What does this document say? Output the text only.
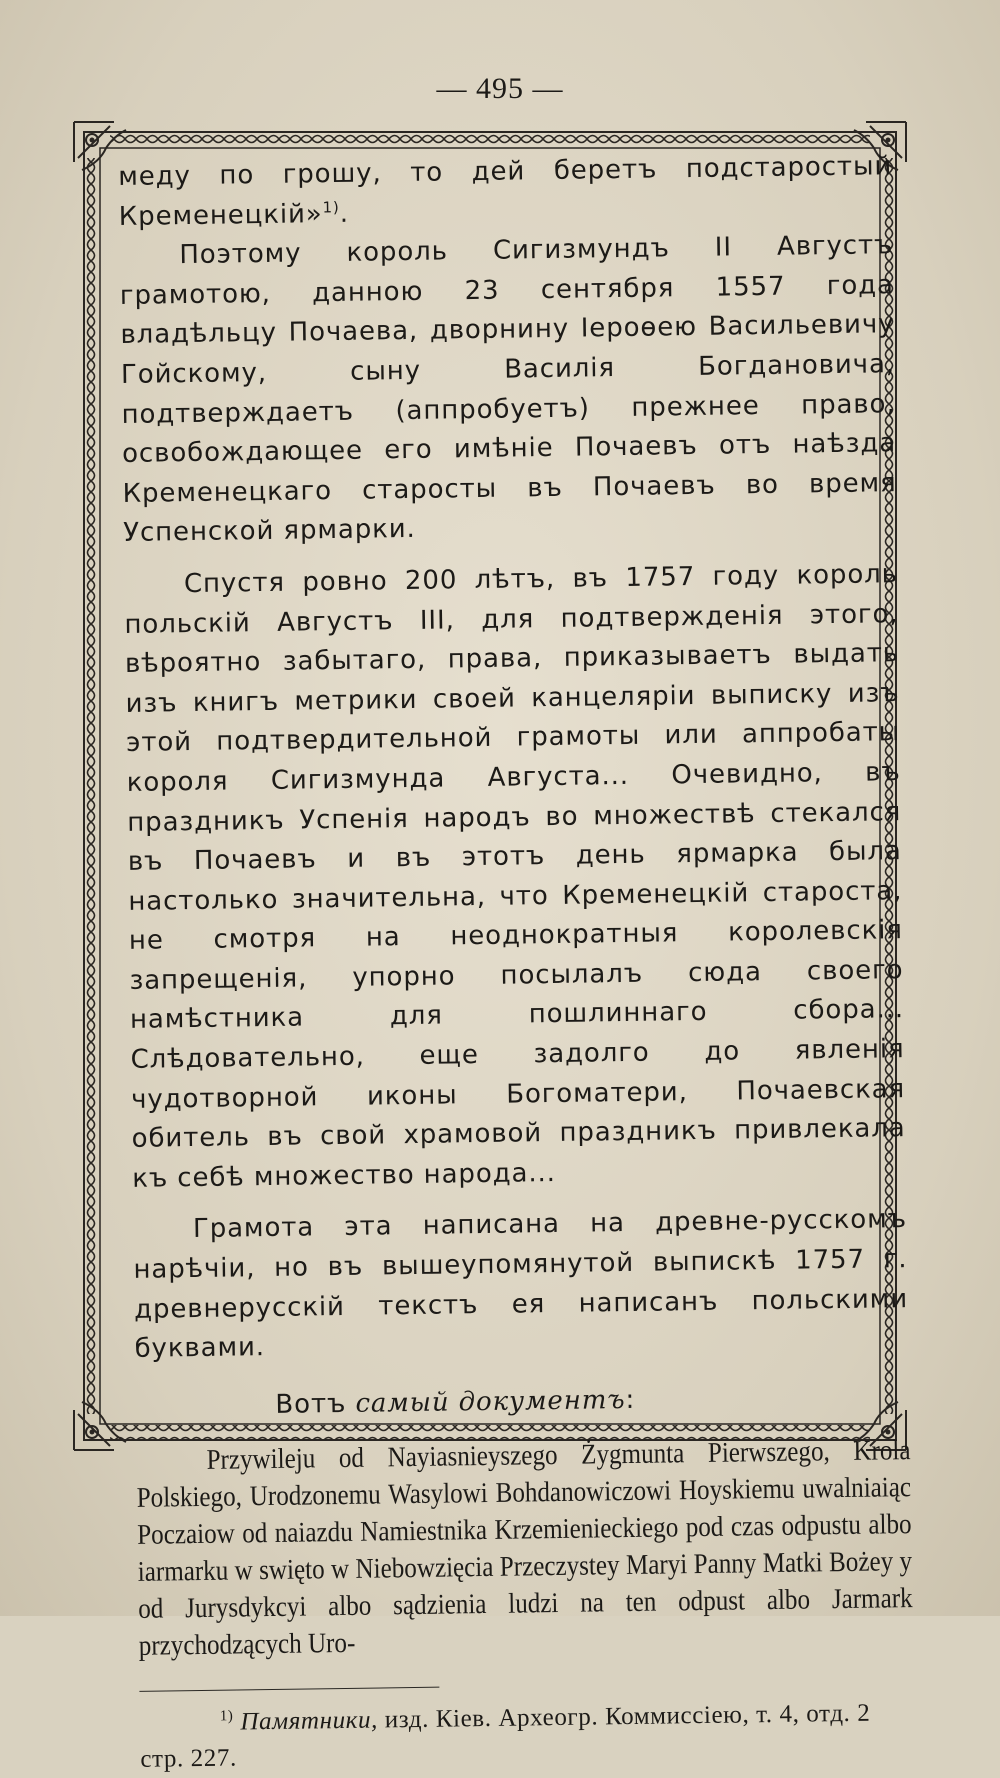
— 495 —

меду по грошу, то дей беретъ подстаростый Кременецкій»$^{1)}$.

Поэтому король Сигизмундъ II Августъ грамотою, данною 23 сентября 1557 года владѣльцу Почаева, дворнину Іероѳею Васильевичу Гойскому, сыну Василія Богдановича, подтверждаетъ (аппробуетъ) прежнее право, освобождающее его имѣніе Почаевъ отъ наѣзда Кременецкаго старосты въ Почаевъ во время Успенской ярмарки.

Спустя ровно 200 лѣтъ, въ 1757 году король польскій Августъ III, для подтвержденія этого, вѣроятно забытаго, права, приказываетъ выдать изъ книгъ метрики своей канцеляріи выписку изъ этой подтвердительной грамоты или аппробаты короля Сигизмунда Августа... Очевидно, въ праздникъ Успенія народъ во множествѣ стекался въ Почаевъ и въ этотъ день ярмарка была настолько значительна, что Кременецкій староста, не смотря на неоднократныя королевскія запрещенія, упорно посылалъ сюда своего намѣстника для пошлиннаго сбора... Слѣдовательно, еще задолго до явленія чудотворной иконы Богоматери, Почаевская обитель въ свой храмовой праздникъ привлекала къ себѣ множество народа...

Грамота эта написана на древне-русскомъ нарѣчіи, но въ вышеупомянутой выпискѣ 1757 г. древнерусскій текстъ ея написанъ польскими буквами.

Вотъ самый документъ:

Przywileju od Nayiasnieyszego Żygmunta Pierwszego, Krola Polskiego, Urodzonemu Wasylowi Bohdanowiczowi Hoyskiemu uwalniaiąc Poczaiow od naiazdu Namiestnika Krzemienieckiego pod czas odpustu albo iarmarku w swięto w Niebowzięcia Przeczystey Maryi Panny Matki Bożey y od Jurysdykcyi albo sądzienia ludzi na ten odpust albo Jarmark przychodzących Uro-

$^{1)}$ Памятники, изд. Кіев. Археогр. Коммиссіею, т. 4, отд. 2 стр. 227.
